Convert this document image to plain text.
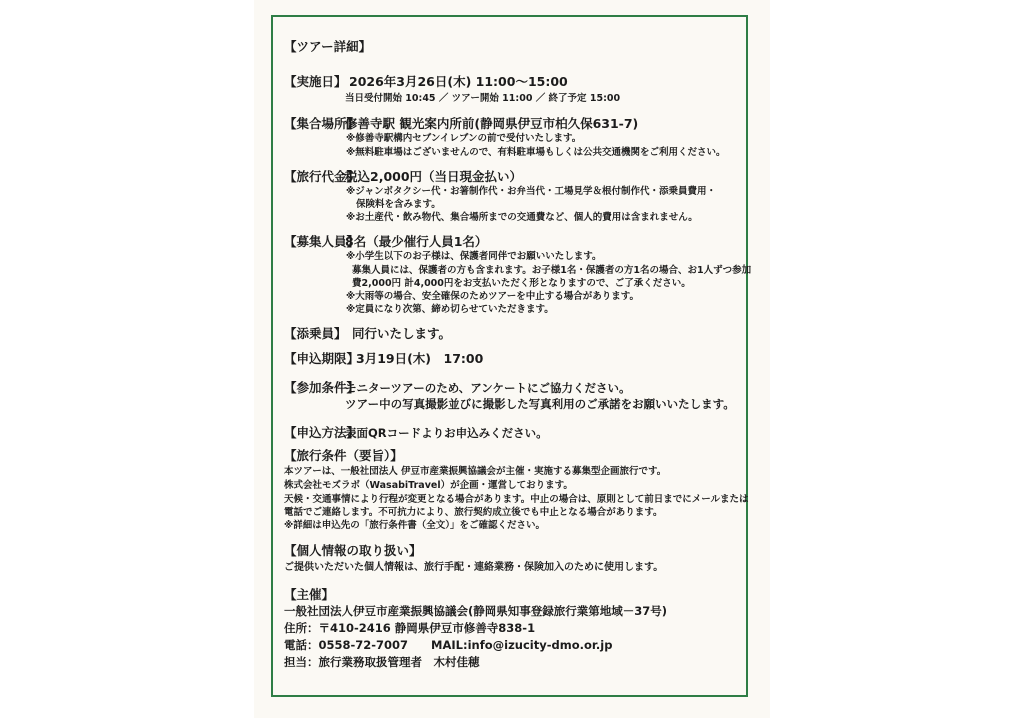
【ツアー詳細】
【実施日】 2026年3月26日(木) 11:00～15:00
当日受付開始 10:45 ／ ツアー開始 11:00 ／ 終了予定 15:00
【集合場所】
修善寺駅 観光案内所前(静岡県伊豆市柏久保631-7)
※修善寺駅構内セブンイレブンの前で受付いたします。
※無料駐車場はございませんので、有料駐車場もしくは公共交通機関をご利用ください。
【旅行代金】
税込2,000円（当日現金払い）
※ジャンボタクシー代・お箸制作代・お弁当代・工場見学＆根付制作代・添乗員費用・
保険料を含みます。
※お土産代・飲み物代、集合場所までの交通費など、個人的費用は含まれません。
【募集人員】
8名（最少催行人員1名）
※小学生以下のお子様は、保護者同伴でお願いいたします。
募集人員には、保護者の方も含まれます。お子様1名・保護者の方1名の場合、お1人ずつ参加
費2,000円 計4,000円をお支払いただく形となりますので、ご了承ください。
※大雨等の場合、安全確保のためツアーを中止する場合があります。
※定員になり次第、締め切らせていただきます。
【添乗員】 同行いたします。
【申込期限】
3月19日(木)　17:00
【参加条件】
モニターツアーのため、アンケートにご協力ください。
ツアー中の写真撮影並びに撮影した写真利用のご承諾をお願いいたします。
【申込方法】
表面QRコードよりお申込みください。
【旅行条件（要旨）】
本ツアーは、一般社団法人 伊豆市産業振興協議会が主催・実施する募集型企画旅行です。
株式会社モズラボ（WasabiTravel）が企画・運営しております。
天候・交通事情により行程が変更となる場合があります。中止の場合は、原則として前日までにメールまたは
電話でご連絡します。不可抗力により、旅行契約成立後でも中止となる場合があります。
※詳細は申込先の「旅行条件書（全文）」をご確認ください。
【個人情報の取り扱い】
ご提供いただいた個人情報は、旅行手配・連絡業務・保険加入のために使用します。
【主催】
一般社団法人伊豆市産業振興協議会(静岡県知事登録旅行業第地域－37号)
住所：〒410-2416 静岡県伊豆市修善寺838-1
電話：0558-72-7007　　MAIL:info@izucity-dmo.or.jp
担当：旅行業務取扱管理者　木村佳穂
